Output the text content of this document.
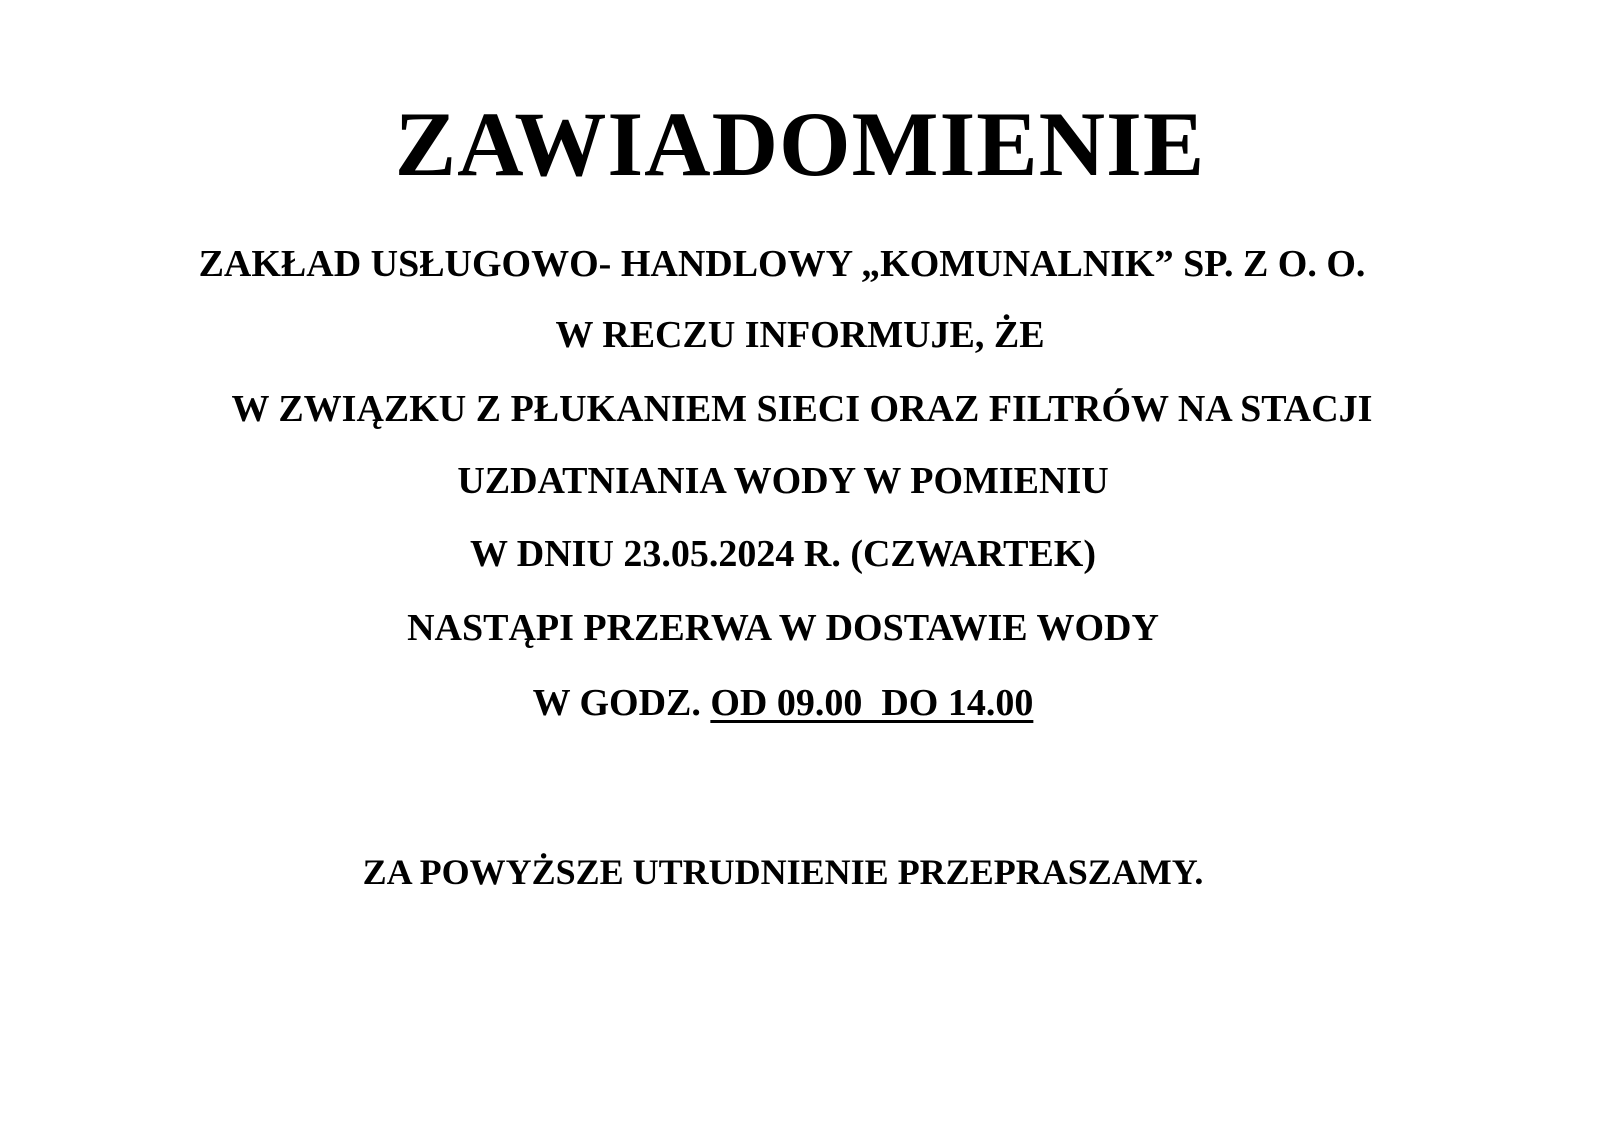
ZAWIADOMIENIE

ZAKŁAD USŁUGOWO- HANDLOWY „KOMUNALNIK” SP. Z O. O.

W RECZU INFORMUJE, ŻE

W ZWIĄZKU Z PŁUKANIEM SIECI ORAZ FILTRÓW NA STACJI

UZDATNIANIA WODY W POMIENIU

W DNIU 23.05.2024 R. (CZWARTEK)

NASTĄPI PRZERWA W DOSTAWIE WODY

W GODZ. OD 09.00  DO 14.00

ZA POWYŻSZE UTRUDNIENIE PRZEPRASZAMY.
